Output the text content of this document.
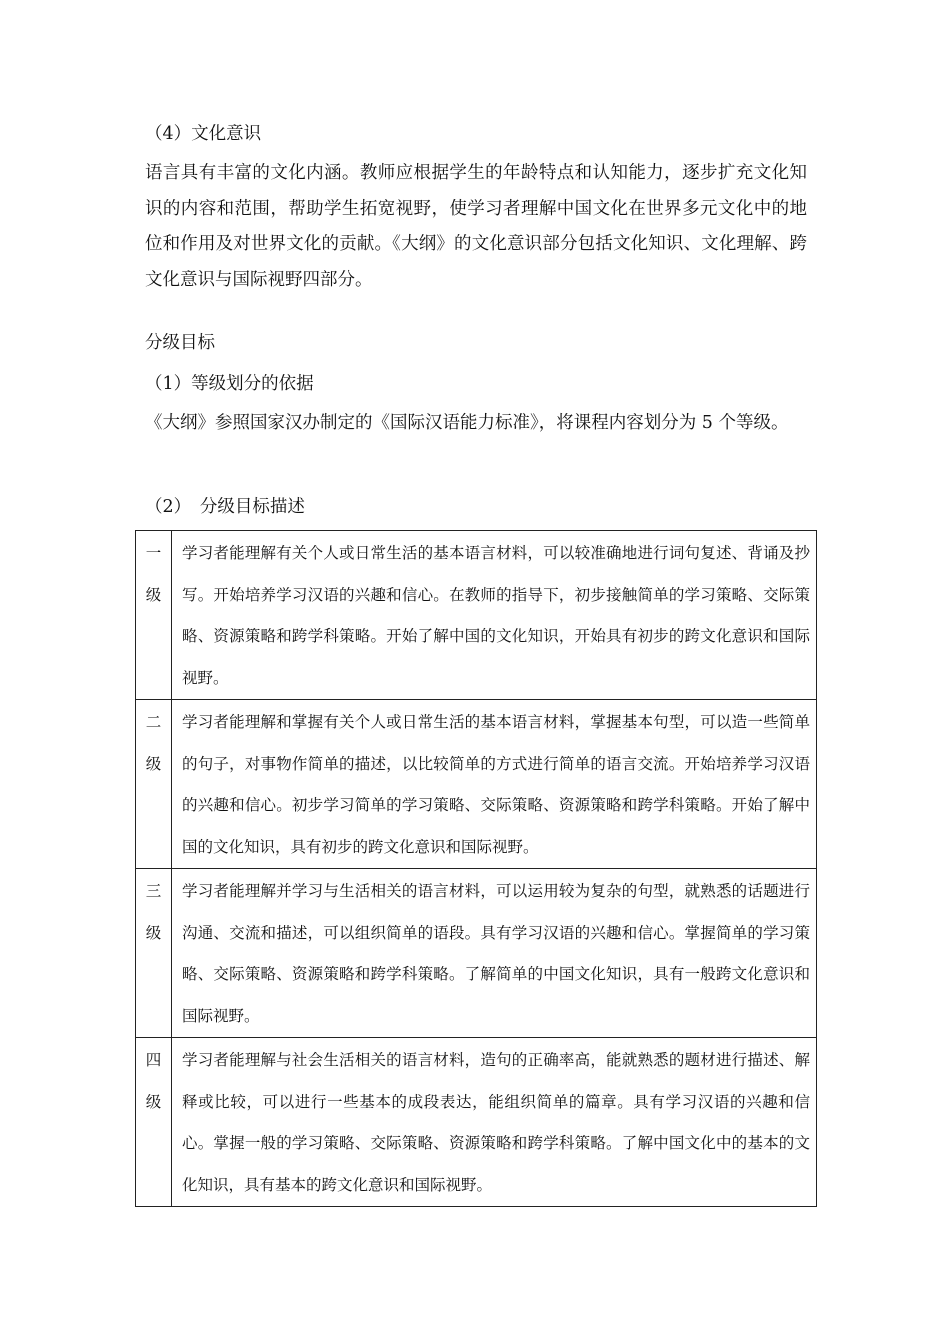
（4）文化意识
语言具有丰富的文化内涵。教师应根据学生的年龄特点和认知能力，逐步扩充文化知识的内容和范围，帮助学生拓宽视野，使学习者理解中国文化在世界多元文化中的地位和作用及对世界文化的贡献。《大纲》的文化意识部分包括文化知识、文化理解、跨文化意识与国际视野四部分。
分级目标
（1）等级划分的依据
《大纲》参照国家汉办制定的《国际汉语能力标准》，将课程内容划分为 5 个等级。
（2）　分级目标描述
一级	学习者能理解有关个人或日常生活的基本语言材料，可以较准确地进行词句复述、背诵及抄写。开始培养学习汉语的兴趣和信心。在教师的指导下，初步接触简单的学习策略、交际策略、资源策略和跨学科策略。开始了解中国的文化知识，开始具有初步的跨文化意识和国际视野。

二级	学习者能理解和掌握有关个人或日常生活的基本语言材料，掌握基本句型，可以造一些简单的句子，对事物作简单的描述，以比较简单的方式进行简单的语言交流。开始培养学习汉语的兴趣和信心。初步学习简单的学习策略、交际策略、资源策略和跨学科策略。开始了解中国的文化知识，具有初步的跨文化意识和国际视野。

三级	学习者能理解并学习与生活相关的语言材料，可以运用较为复杂的句型，就熟悉的话题进行沟通、交流和描述，可以组织简单的语段。具有学习汉语的兴趣和信心。掌握简单的学习策略、交际策略、资源策略和跨学科策略。了解简单的中国文化知识，具有一般跨文化意识和国际视野。

四级	学习者能理解与社会生活相关的语言材料，造句的正确率高，能就熟悉的题材进行描述、解释或比较，可以进行一些基本的成段表达，能组织简单的篇章。具有学习汉语的兴趣和信心。掌握一般的学习策略、交际策略、资源策略和跨学科策略。了解中国文化中的基本的文化知识，具有基本的跨文化意识和国际视野。
